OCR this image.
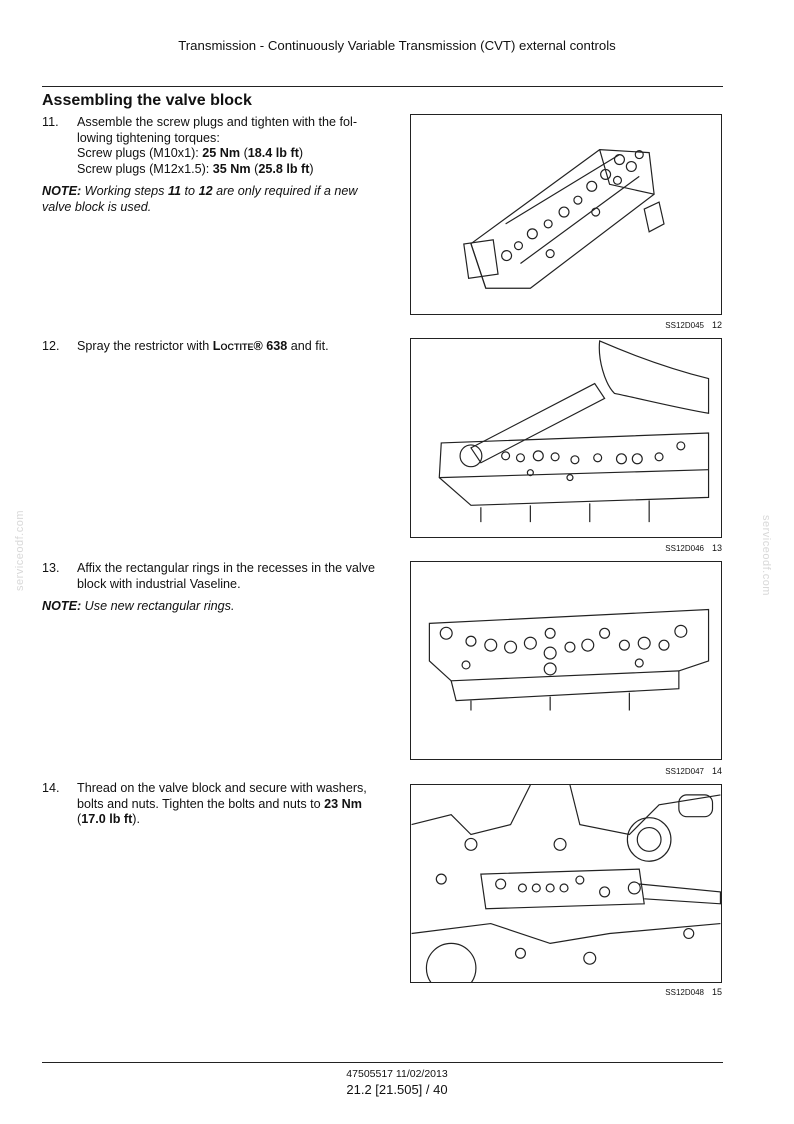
Transmission - Continuously Variable Transmission (CVT) external controls
Assembling the valve block
11. Assemble the screw plugs and tighten with the fol-
lowing tightening torques:
Screw plugs (M10x1): 25 Nm (18.4 lb ft)
Screw plugs (M12x1.5): 35 Nm (25.8 lb ft)
NOTE: Working steps 11 to 12 are only required if a new valve block is used.
SS12D045 12
12. Spray the restrictor with Loctite® 638 and fit.
SS12D046 13
13. Affix the rectangular rings in the recesses in the valve block with industrial Vaseline.
NOTE: Use new rectangular rings.
SS12D047 14
14. Thread on the valve block and secure with washers, bolts and nuts. Tighten the bolts and nuts to 23 Nm (17.0 lb ft).
SS12D048 15
serviceodf.com	serviceodf.com
47505517 11/02/2013
21.2 [21.505] / 40
